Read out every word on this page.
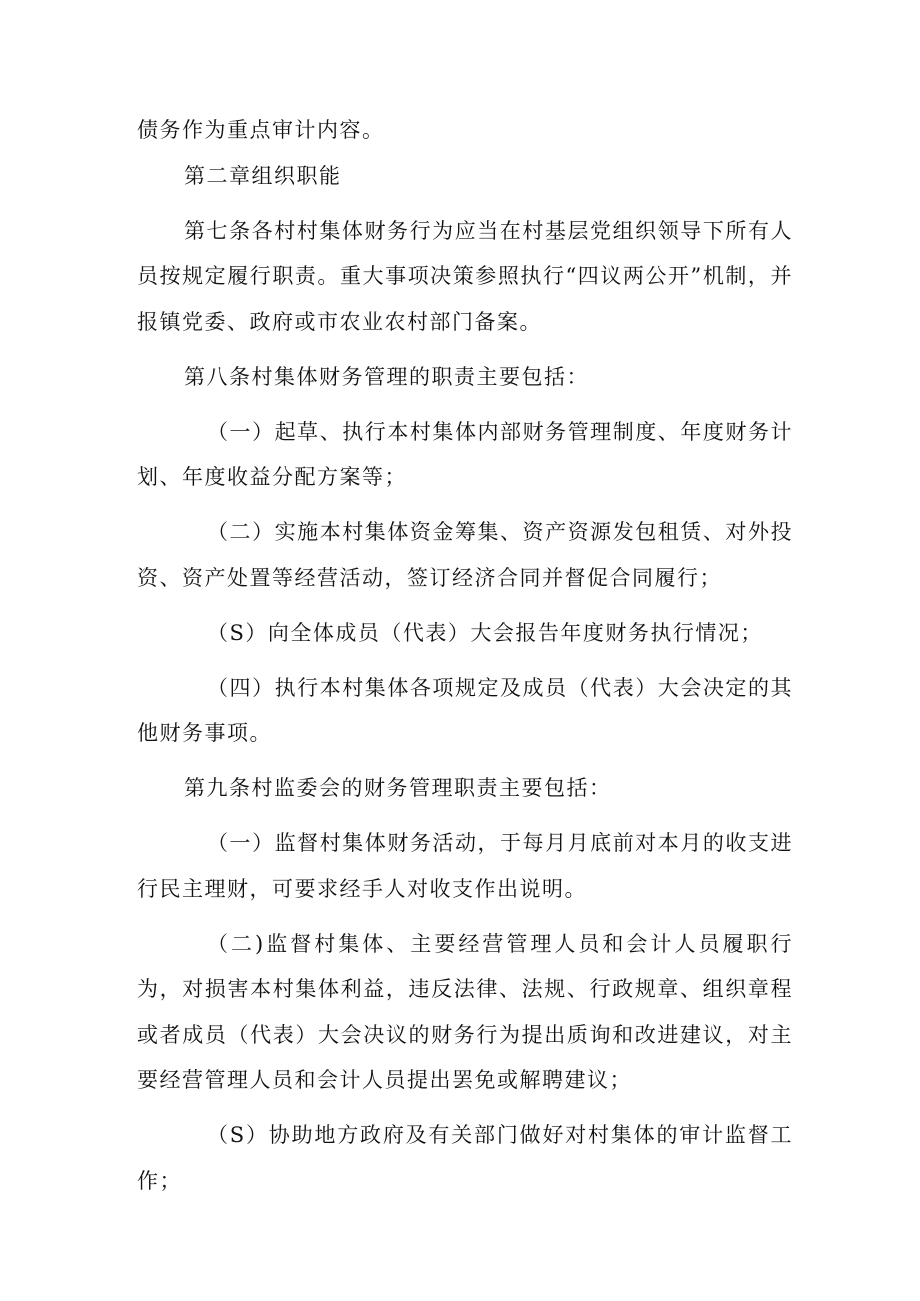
债务作为重点审计内容。

第二章组织职能

第七条各村村集体财务行为应当在村基层党组织领导下所有人员按规定履行职责。重大事项决策参照执行“四议两公开”机制，并报镇党委、政府或市农业农村部门备案。

第八条村集体财务管理的职责主要包括：

（一）起草、执行本村集体内部财务管理制度、年度财务计划、年度收益分配方案等；

（二）实施本村集体资金筹集、资产资源发包租赁、对外投资、资产处置等经营活动，签订经济合同并督促合同履行；

（S）向全体成员（代表）大会报告年度财务执行情况；

（四）执行本村集体各项规定及成员（代表）大会决定的其他财务事项。

第九条村监委会的财务管理职责主要包括：

（一）监督村集体财务活动，于每月月底前对本月的收支进行民主理财，可要求经手人对收支作出说明。

（二)监督村集体、主要经营管理人员和会计人员履职行为，对损害本村集体利益，违反法律、法规、行政规章、组织章程或者成员（代表）大会决议的财务行为提出质询和改进建议，对主要经营管理人员和会计人员提出罢免或解聘建议；

（S）协助地方政府及有关部门做好对村集体的审计监督工作；
